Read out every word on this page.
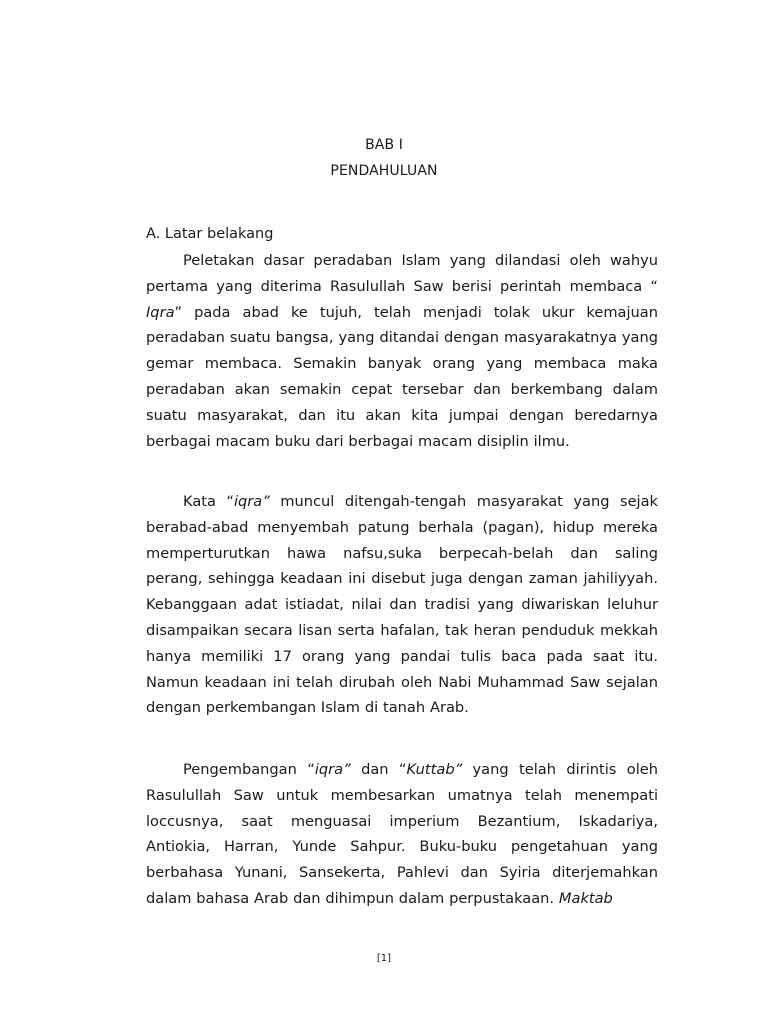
BAB I
PENDAHULUAN
A. Latar belakang

Peletakan dasar peradaban Islam yang dilandasi oleh wahyu pertama yang diterima Rasulullah Saw berisi perintah membaca “ Iqra” pada abad ke tujuh, telah menjadi tolak ukur kemajuan peradaban suatu bangsa, yang ditandai dengan masyarakatnya yang gemar membaca. Semakin banyak orang yang membaca maka peradaban akan semakin cepat tersebar dan berkembang dalam suatu masyarakat, dan itu akan kita jumpai dengan beredarnya berbagai macam buku dari berbagai macam disiplin ilmu.

Kata “iqra” muncul ditengah-tengah masyarakat yang sejak berabad-abad menyembah patung berhala (pagan), hidup mereka memperturutkan hawa nafsu,suka berpecah-belah dan saling perang, sehingga keadaan ini disebut juga dengan zaman jahiliyyah. Kebanggaan adat istiadat, nilai dan tradisi yang diwariskan leluhur disampaikan secara lisan serta hafalan, tak heran penduduk mekkah hanya memiliki 17 orang yang pandai tulis baca pada saat itu. Namun keadaan ini telah dirubah oleh Nabi Muhammad Saw sejalan dengan perkembangan Islam di tanah Arab.

Pengembangan “iqra” dan “Kuttab” yang telah dirintis oleh Rasulullah Saw untuk membesarkan umatnya telah menempati loccusnya, saat menguasai imperium Bezantium, Iskadariya, Antiokia, Harran, Yunde Sahpur. Buku-buku pengetahuan yang berbahasa Yunani, Sansekerta, Pahlevi dan Syiria diterjemahkan dalam bahasa Arab dan dihimpun dalam perpustakaan. Maktab

[1]
